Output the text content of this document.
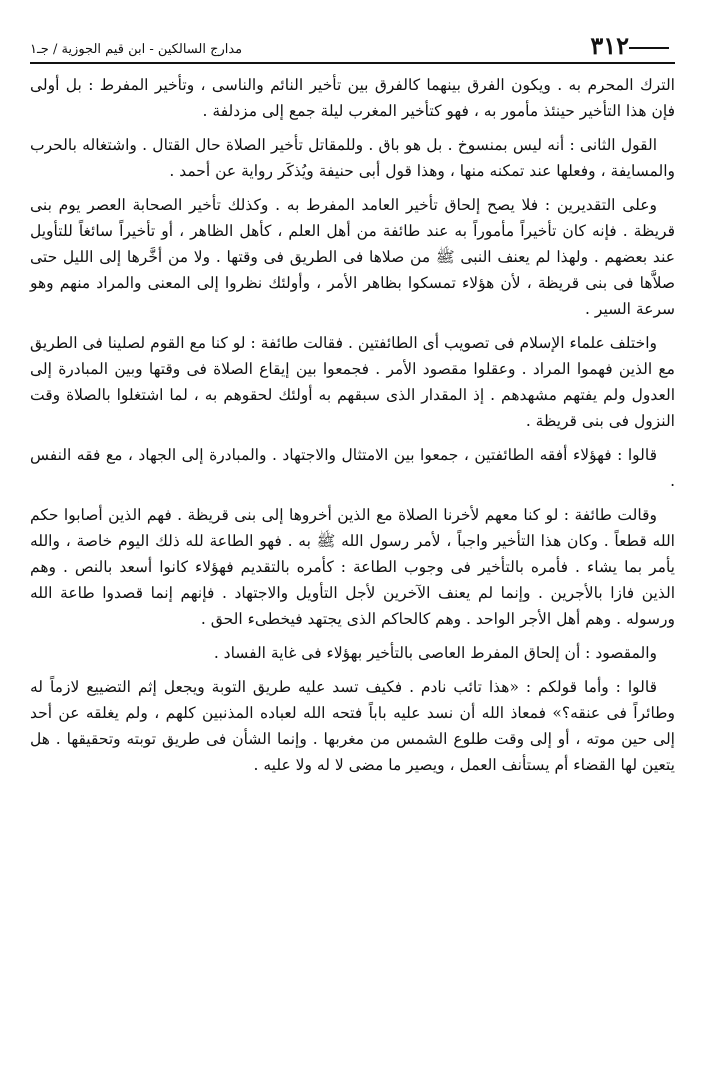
٣١٢
مدارج السالكين - ابن قيم الجوزية / جـ١

الترك المحرم به . ويكون الفرق بينهما كالفرق بين تأخير النائم والناسى ، وتأخير المفرط : بل أولى فإن هذا التأخير حينئذ مأمور به ، فهو كتأخير المغرب ليلة جمع إلى مزدلفة .

القول الثانى : أنه ليس بمنسوخ . بل هو باق . وللمقاتل تأخير الصلاة حال القتال . واشتغاله بالحرب والمسايفة ، وفعلها عند تمكنه منها ، وهذا قول أبى حنيفة ويُذكَر رواية عن أحمد .

وعلى التقديرين : فلا يصح إلحاق تأخير العامد المفرط به . وكذلك تأخير الصحابة العصر يوم بنى قريظة . فإنه كان تأخيراً مأموراً به عند طائفة من أهل العلم ، كأهل الظاهر ، أو تأخيراً سائغاً للتأويل عند بعضهم . ولهذا لم يعنف النبى ﷺ من صلاها فى الطريق فى وقتها . ولا من أخَّرها إلى الليل حتى صلاَّها فى بنى قريظة ، لأن هؤلاء تمسكوا بظاهر الأمر ، وأولئك نظروا إلى المعنى والمراد منهم وهو سرعة السير .

واختلف علماء الإسلام فى تصويب أى الطائفتين . فقالت طائفة : لو كنا مع القوم لصلينا فى الطريق مع الذين فهموا المراد . وعقلوا مقصود الأمر . فجمعوا بين إيقاع الصلاة فى وقتها وبين المبادرة إلى العدول ولم يفتهم مشهدهم . إذ المقدار الذى سبقهم به أولئك لحقوهم به ، لما اشتغلوا بالصلاة وقت النزول فى بنى قريظة .

قالوا : فهؤلاء أفقه الطائفتين ، جمعوا بين الامتثال والاجتهاد . والمبادرة إلى الجهاد ، مع فقه النفس .

وقالت طائفة : لو كنا معهم لأخرنا الصلاة مع الذين أخروها إلى بنى قريظة . فهم الذين أصابوا حكم الله قطعاً . وكان هذا التأخير واجباً ، لأمر رسول الله ﷺ به . فهو الطاعة لله ذلك اليوم خاصة ، والله يأمر بما يشاء . فأمره بالتأخير فى وجوب الطاعة : كأمره بالتقديم فهؤلاء كانوا أسعد بالنص . وهم الذين فازا بالأجرين . وإنما لم يعنف الآخرين لأجل التأويل والاجتهاد . فإنهم إنما قصدوا طاعة الله ورسوله . وهم أهل الأجر الواحد . وهم كالحاكم الذى يجتهد فيخطىء الحق .

والمقصود : أن إلحاق المفرط العاصى بالتأخير بهؤلاء فى غاية الفساد .

قالوا : وأما قولكم : «هذا تائب نادم . فكيف تسد عليه طريق التوبة ويجعل إثم التضييع لازماً له وطائراً فى عنقه؟» فمعاذ الله أن نسد عليه باباً فتحه الله لعباده المذنبين كلهم ، ولم يغلقه عن أحد إلى حين موته ، أو إلى وقت طلوع الشمس من مغربها . وإنما الشأن فى طريق توبته وتحقيقها . هل يتعين لها القضاء أم يستأنف العمل ، ويصير ما مضى لا له ولا عليه .
